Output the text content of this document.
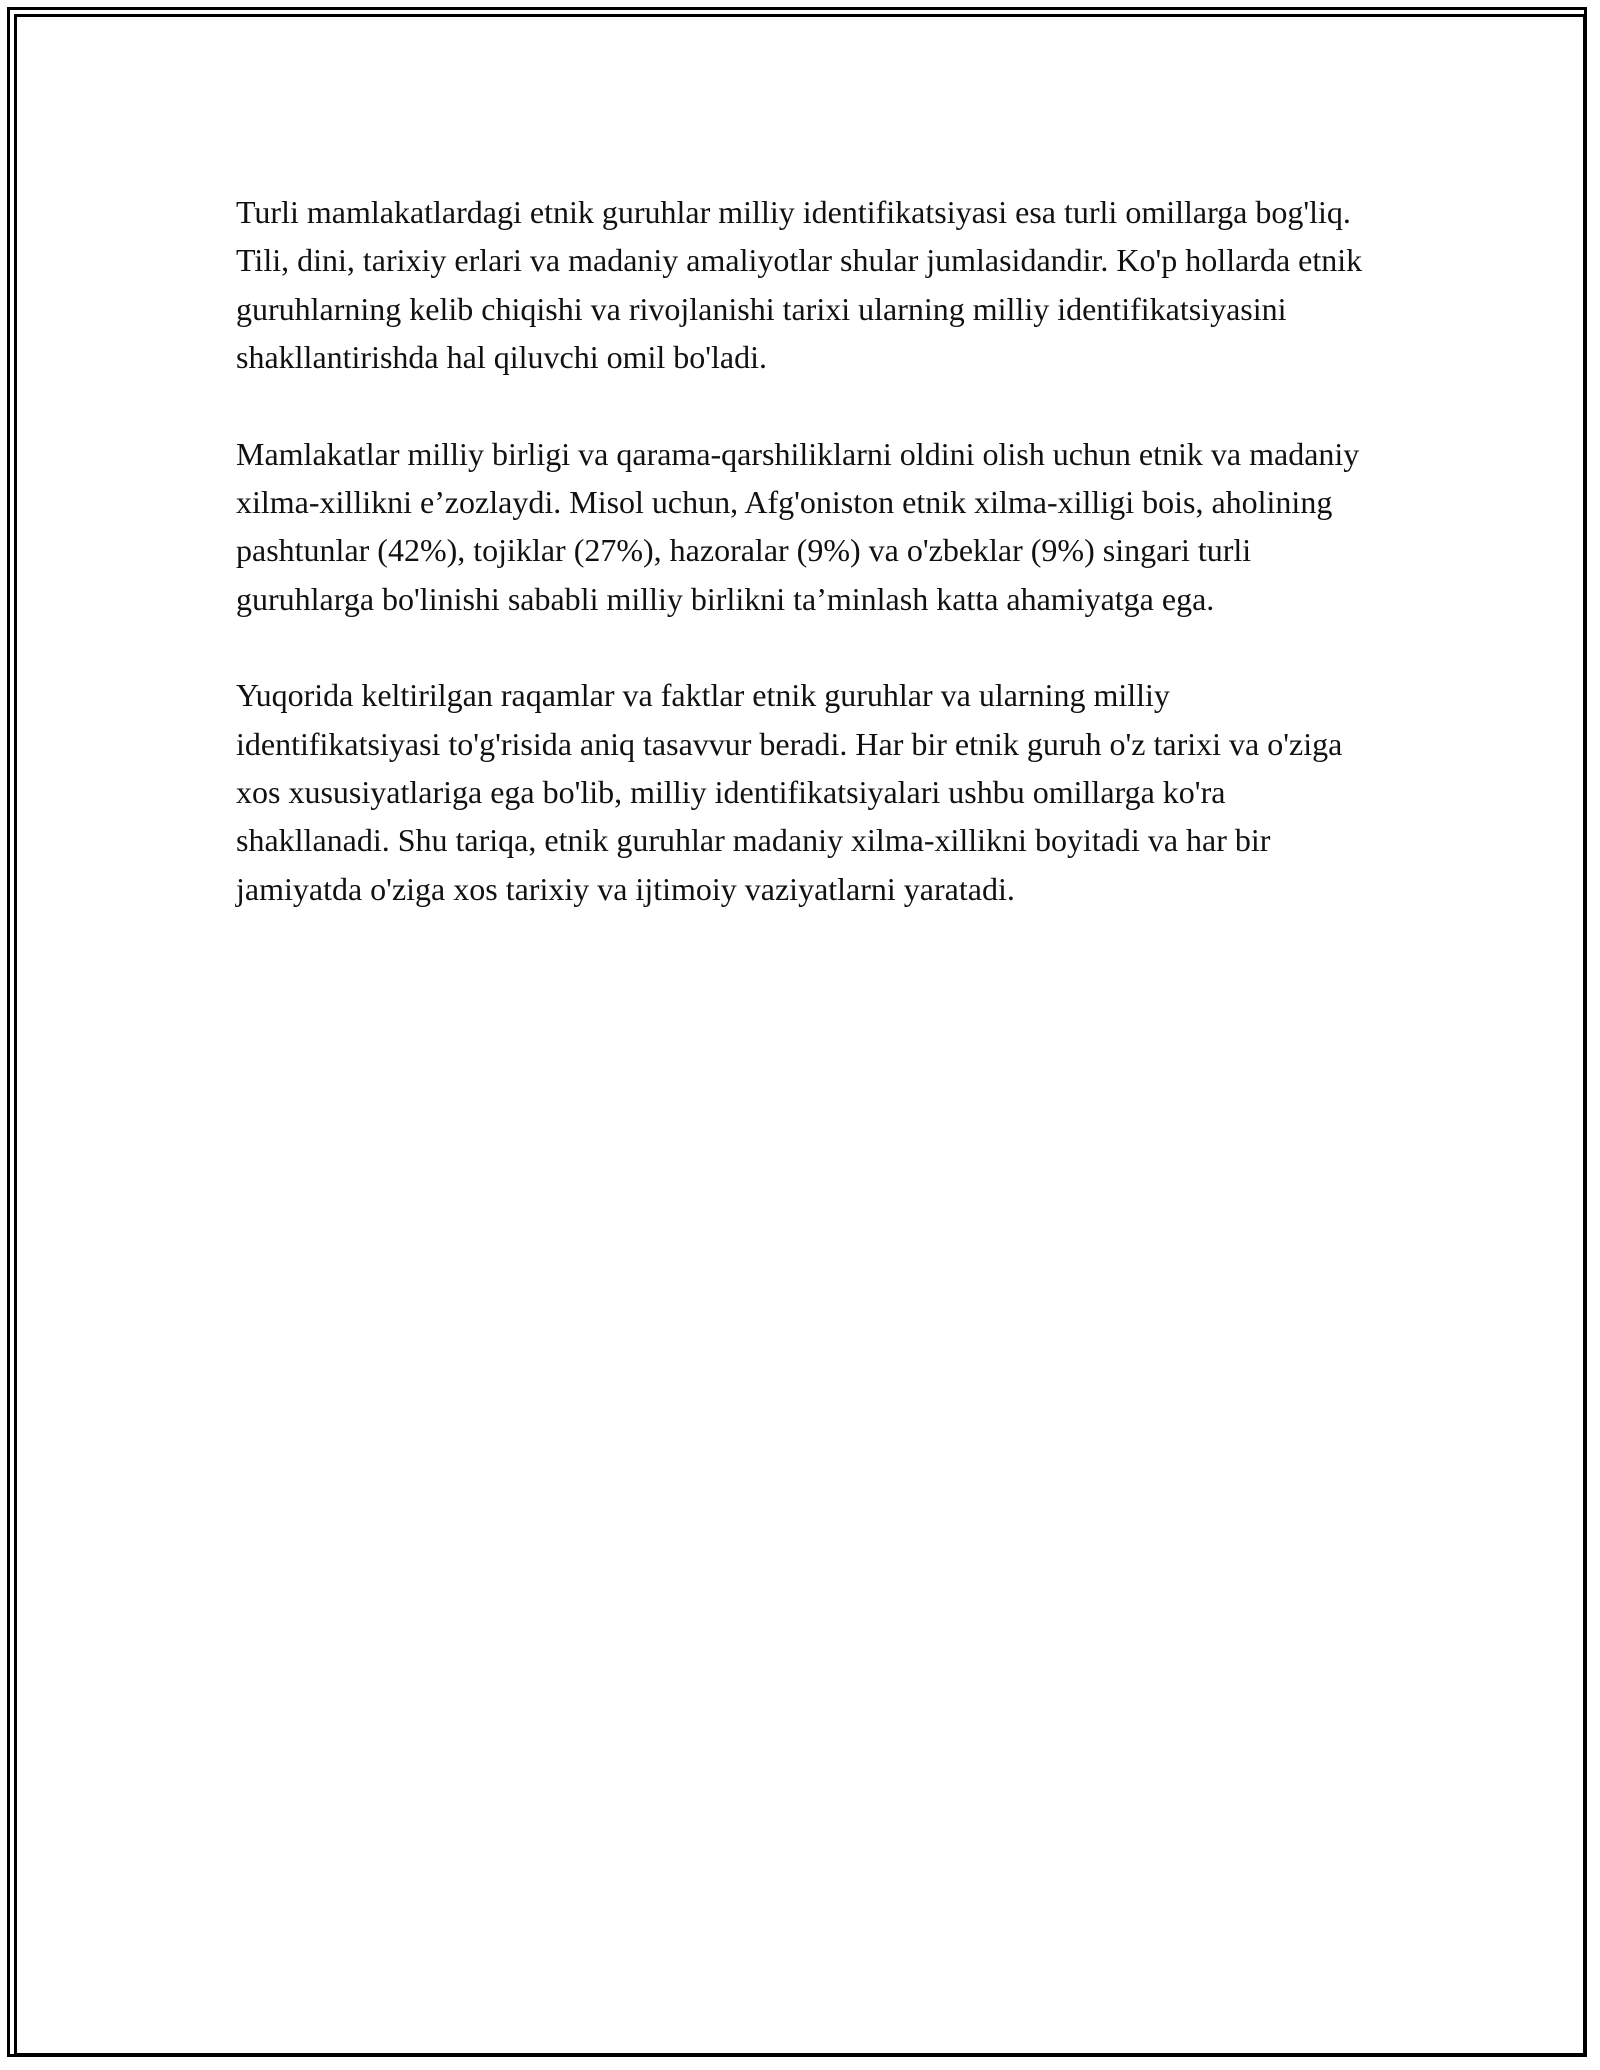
Turli mamlakatlardagi etnik guruhlar milliy identifikatsiyasi esa turli omillarga bog'liq. Tili, dini, tarixiy erlari va madaniy amaliyotlar shular jumlasidandir. Ko'p hollarda etnik guruhlarning kelib chiqishi va rivojlanishi tarixi ularning milliy identifikatsiyasini shakllantirishda hal qiluvchi omil bo'ladi.

Mamlakatlar milliy birligi va qarama-qarshiliklarni oldini olish uchun etnik va madaniy xilma-xillikni e’zozlaydi. Misol uchun, Afg'oniston etnik xilma-xilligi bois, aholining pashtunlar (42%), tojiklar (27%), hazoralar (9%) va o'zbeklar (9%) singari turli guruhlarga bo'linishi sababli milliy birlikni ta’minlash katta ahamiyatga ega.

Yuqorida keltirilgan raqamlar va faktlar etnik guruhlar va ularning milliy identifikatsiyasi to'g'risida aniq tasavvur beradi. Har bir etnik guruh o'z tarixi va o'ziga xos xususiyatlariga ega bo'lib, milliy identifikatsiyalari ushbu omillarga ko'ra shakllanadi. Shu tariqa, etnik guruhlar madaniy xilma-xillikni boyitadi va har bir jamiyatda o'ziga xos tarixiy va ijtimoiy vaziyatlarni yaratadi.
